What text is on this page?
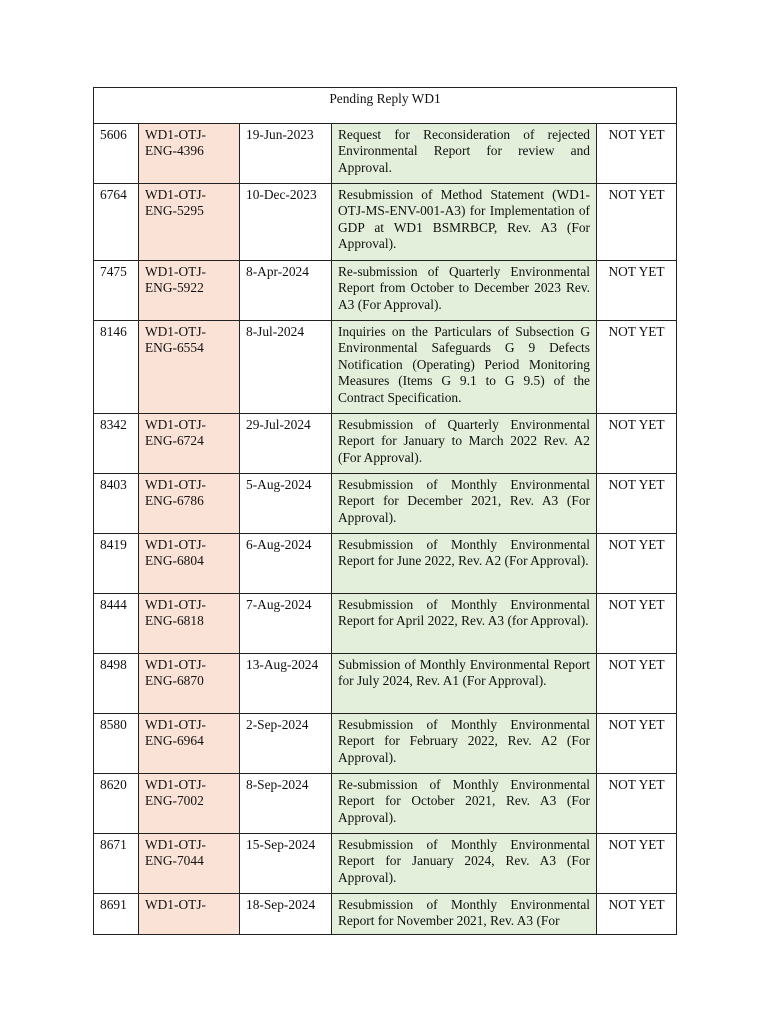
Pending Reply WD1				
5606	WD1-OTJ-ENG-4396	19-Jun-2023	Request for Reconsideration of rejected Environmental Report for review and Approval.	NOT YET
6764	WD1-OTJ-ENG-5295	10-Dec-2023	Resubmission of Method Statement (WD1-OTJ-MS-ENV-001-A3) for Implementation of GDP at WD1 BSMRBCP, Rev. A3 (For Approval).	NOT YET
7475	WD1-OTJ-ENG-5922	8-Apr-2024	Re-submission of Quarterly Environmental Report from October to December 2023 Rev. A3 (For Approval).	NOT YET
8146	WD1-OTJ-ENG-6554	8-Jul-2024	Inquiries on the Particulars of Subsection G Environmental Safeguards G 9 Defects Notification (Operating) Period Monitoring Measures (Items G 9.1 to G 9.5) of the Contract Specification.	NOT YET
8342	WD1-OTJ-ENG-6724	29-Jul-2024	Resubmission of Quarterly Environmental Report for January to March 2022 Rev. A2 (For Approval).	NOT YET
8403	WD1-OTJ-ENG-6786	5-Aug-2024	Resubmission of Monthly Environmental Report for December 2021, Rev. A3 (For Approval).	NOT YET
8419	WD1-OTJ-ENG-6804	6-Aug-2024	Resubmission of Monthly Environmental Report for June 2022, Rev. A2 (For Approval).	NOT YET
8444	WD1-OTJ-ENG-6818	7-Aug-2024	Resubmission of Monthly Environmental Report for April 2022, Rev. A3 (for Approval).	NOT YET
8498	WD1-OTJ-ENG-6870	13-Aug-2024	Submission of Monthly Environmental Report for July 2024, Rev. A1 (For Approval).	NOT YET
8580	WD1-OTJ-ENG-6964	2-Sep-2024	Resubmission of Monthly Environmental Report for February 2022, Rev. A2 (For Approval).	NOT YET
8620	WD1-OTJ-ENG-7002	8-Sep-2024	Re-submission of Monthly Environmental Report for October 2021, Rev. A3 (For Approval).	NOT YET
8671	WD1-OTJ-ENG-7044	15-Sep-2024	Resubmission of Monthly Environmental Report for January 2024, Rev. A3 (For Approval).	NOT YET
8691	WD1-OTJ-	18-Sep-2024	Resubmission of Monthly Environmental Report for November 2021, Rev. A3 (For	NOT YET
